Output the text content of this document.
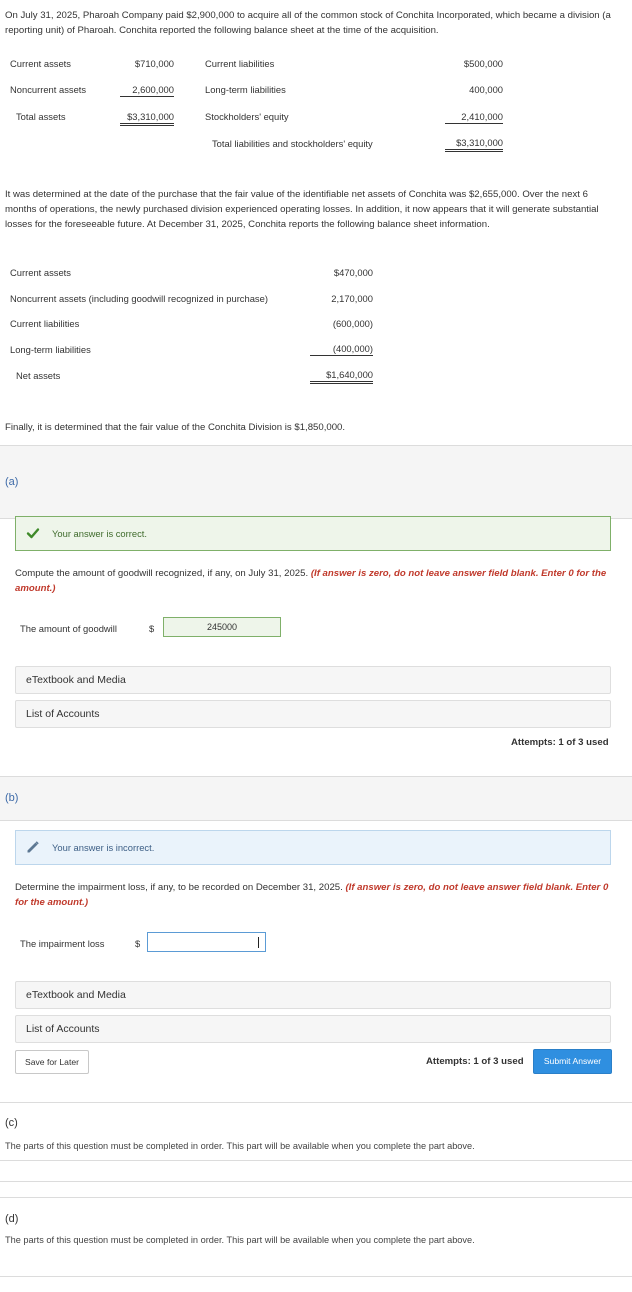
On July 31, 2025, Pharoah Company paid $2,900,000 to acquire all of the common stock of Conchita Incorporated, which became a division (a reporting unit) of Pharoah. Conchita reported the following balance sheet at the time of the acquisition.

Current assets	$710,000
Noncurrent assets	2,600,000
Total assets	$3,310,000
Current liabilities	$500,000
Long-term liabilities	400,000
Stockholders' equity	2,410,000
Total liabilities and stockholders' equity	$3,310,000

It was determined at the date of the purchase that the fair value of the identifiable net assets of Conchita was $2,655,000. Over the next 6 months of operations, the newly purchased division experienced operating losses. In addition, it now appears that it will generate substantial losses for the foreseeable future. At December 31, 2025, Conchita reports the following balance sheet information.

Current assets	$470,000
Noncurrent assets (including goodwill recognized in purchase)	2,170,000
Current liabilities	(600,000)
Long-term liabilities	(400,000)
Net assets	$1,640,000

Finally, it is determined that the fair value of the Conchita Division is $1,850,000.

(a)
Your answer is correct.

Compute the amount of goodwill recognized, if any, on July 31, 2025. (If answer is zero, do not leave answer field blank. Enter 0 for the amount.)

The amount of goodwill	$	245000
eTextbook and Media
List of Accounts
Attempts: 1 of 3 used
(b)
Your answer is incorrect.

Determine the impairment loss, if any, to be recorded on December 31, 2025. (If answer is zero, do not leave answer field blank. Enter 0 for the amount.)

The impairment loss	$
eTextbook and Media
List of Accounts
Save for Later	Attempts: 1 of 3 used	Submit Answer
(c)
The parts of this question must be completed in order. This part will be available when you complete the part above.
(d)
The parts of this question must be completed in order. This part will be available when you complete the part above.
